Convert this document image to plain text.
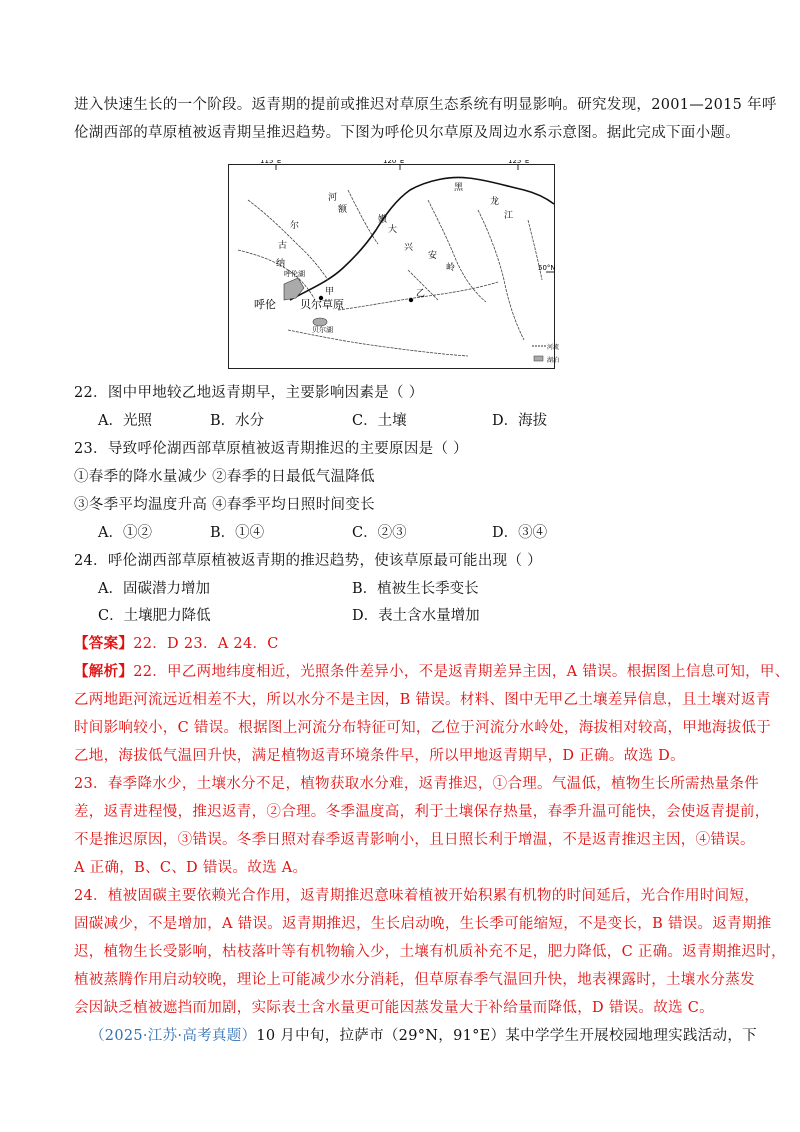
进入快速生长的一个阶段。返青期的提前或推迟对草原生态系统有明显影响。研究发现，2001—2015 年呼
伦湖西部的草原植被返青期呈推迟趋势。下图为呼伦贝尔草原及周边水系示意图。据此完成下面小题。
115°E	120°E	125°E
50°N
呼伦湖
呼伦 贝尔草原
贝尔湖
甲	乙
额
尔
古
纳
河
黑
龙
江
嫩
大
兴
安
岭
河流
湖泊
22．图中甲地较乙地返青期早，主要影响因素是（ ）
A．光照	B．水分	C．土壤	D．海拔
23．导致呼伦湖西部草原植被返青期推迟的主要原因是（ ）
①春季的降水量减少 ②春季的日最低气温降低
③冬季平均温度升高 ④春季平均日照时间变长
A．①②	B．①④	C．②③	D．③④
24．呼伦湖西部草原植被返青期的推迟趋势，使该草原最可能出现（ ）
A．固碳潜力增加	B．植被生长季变长
C．土壤肥力降低	D．表土含水量增加
【答案】22．D 23．A 24．C
【解析】22．甲乙两地纬度相近，光照条件差异小，不是返青期差异主因，A 错误。根据图上信息可知，甲、
乙两地距河流远近相差不大，所以水分不是主因，B 错误。材料、图中无甲乙土壤差异信息，且土壤对返青
时间影响较小，C 错误。根据图上河流分布特征可知，乙位于河流分水岭处，海拔相对较高，甲地海拔低于
乙地，海拔低气温回升快，满足植物返青环境条件早，所以甲地返青期早，D 正确。故选 D。
23．春季降水少，土壤水分不足，植物获取水分难，返青推迟，①合理。气温低，植物生长所需热量条件
差，返青进程慢，推迟返青，②合理。冬季温度高，利于土壤保存热量，春季升温可能快，会使返青提前，
不是推迟原因，③错误。冬季日照对春季返青影响小，且日照长利于增温，不是返青推迟主因，④错误。
A 正确，B、C、D 错误。故选 A。
24．植被固碳主要依赖光合作用，返青期推迟意味着植被开始积累有机物的时间延后，光合作用时间短，
固碳减少，不是增加，A 错误。返青期推迟，生长启动晚，生长季可能缩短，不是变长，B 错误。返青期推
迟，植物生长受影响，枯枝落叶等有机物输入少，土壤有机质补充不足，肥力降低，C 正确。返青期推迟时，
植被蒸腾作用启动较晚，理论上可能减少水分消耗，但草原春季气温回升快，地表裸露时，土壤水分蒸发
会因缺乏植被遮挡而加剧，实际表土含水量更可能因蒸发量大于补给量而降低，D 错误。故选 C。
（2025·江苏·高考真题）10 月中旬，拉萨市（29°N，91°E）某中学学生开展校园地理实践活动，下
